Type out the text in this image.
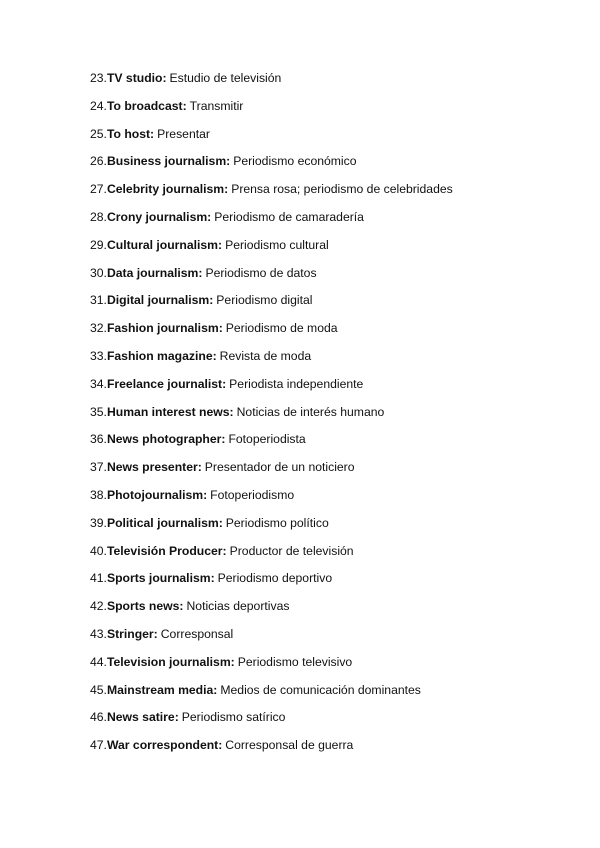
23.TV studio: Estudio de televisión
24.To broadcast: Transmitir
25.To host: Presentar
26.Business journalism: Periodismo económico
27.Celebrity journalism: Prensa rosa; periodismo de celebridades
28.Crony journalism: Periodismo de camaradería
29.Cultural journalism: Periodismo cultural
30.Data journalism: Periodismo de datos
31.Digital journalism: Periodismo digital
32.Fashion journalism: Periodismo de moda
33.Fashion magazine: Revista de moda
34.Freelance journalist: Periodista independiente
35.Human interest news: Noticias de interés humano
36.News photographer: Fotoperiodista
37.News presenter: Presentador de un noticiero
38.Photojournalism: Fotoperiodismo
39.Political journalism: Periodismo político
40.Televisión Producer: Productor de televisión
41.Sports journalism: Periodismo deportivo
42.Sports news: Noticias deportivas
43.Stringer: Corresponsal
44.Television journalism: Periodismo televisivo
45.Mainstream media: Medios de comunicación dominantes
46.News satire: Periodismo satírico
47.War correspondent: Corresponsal de guerra
